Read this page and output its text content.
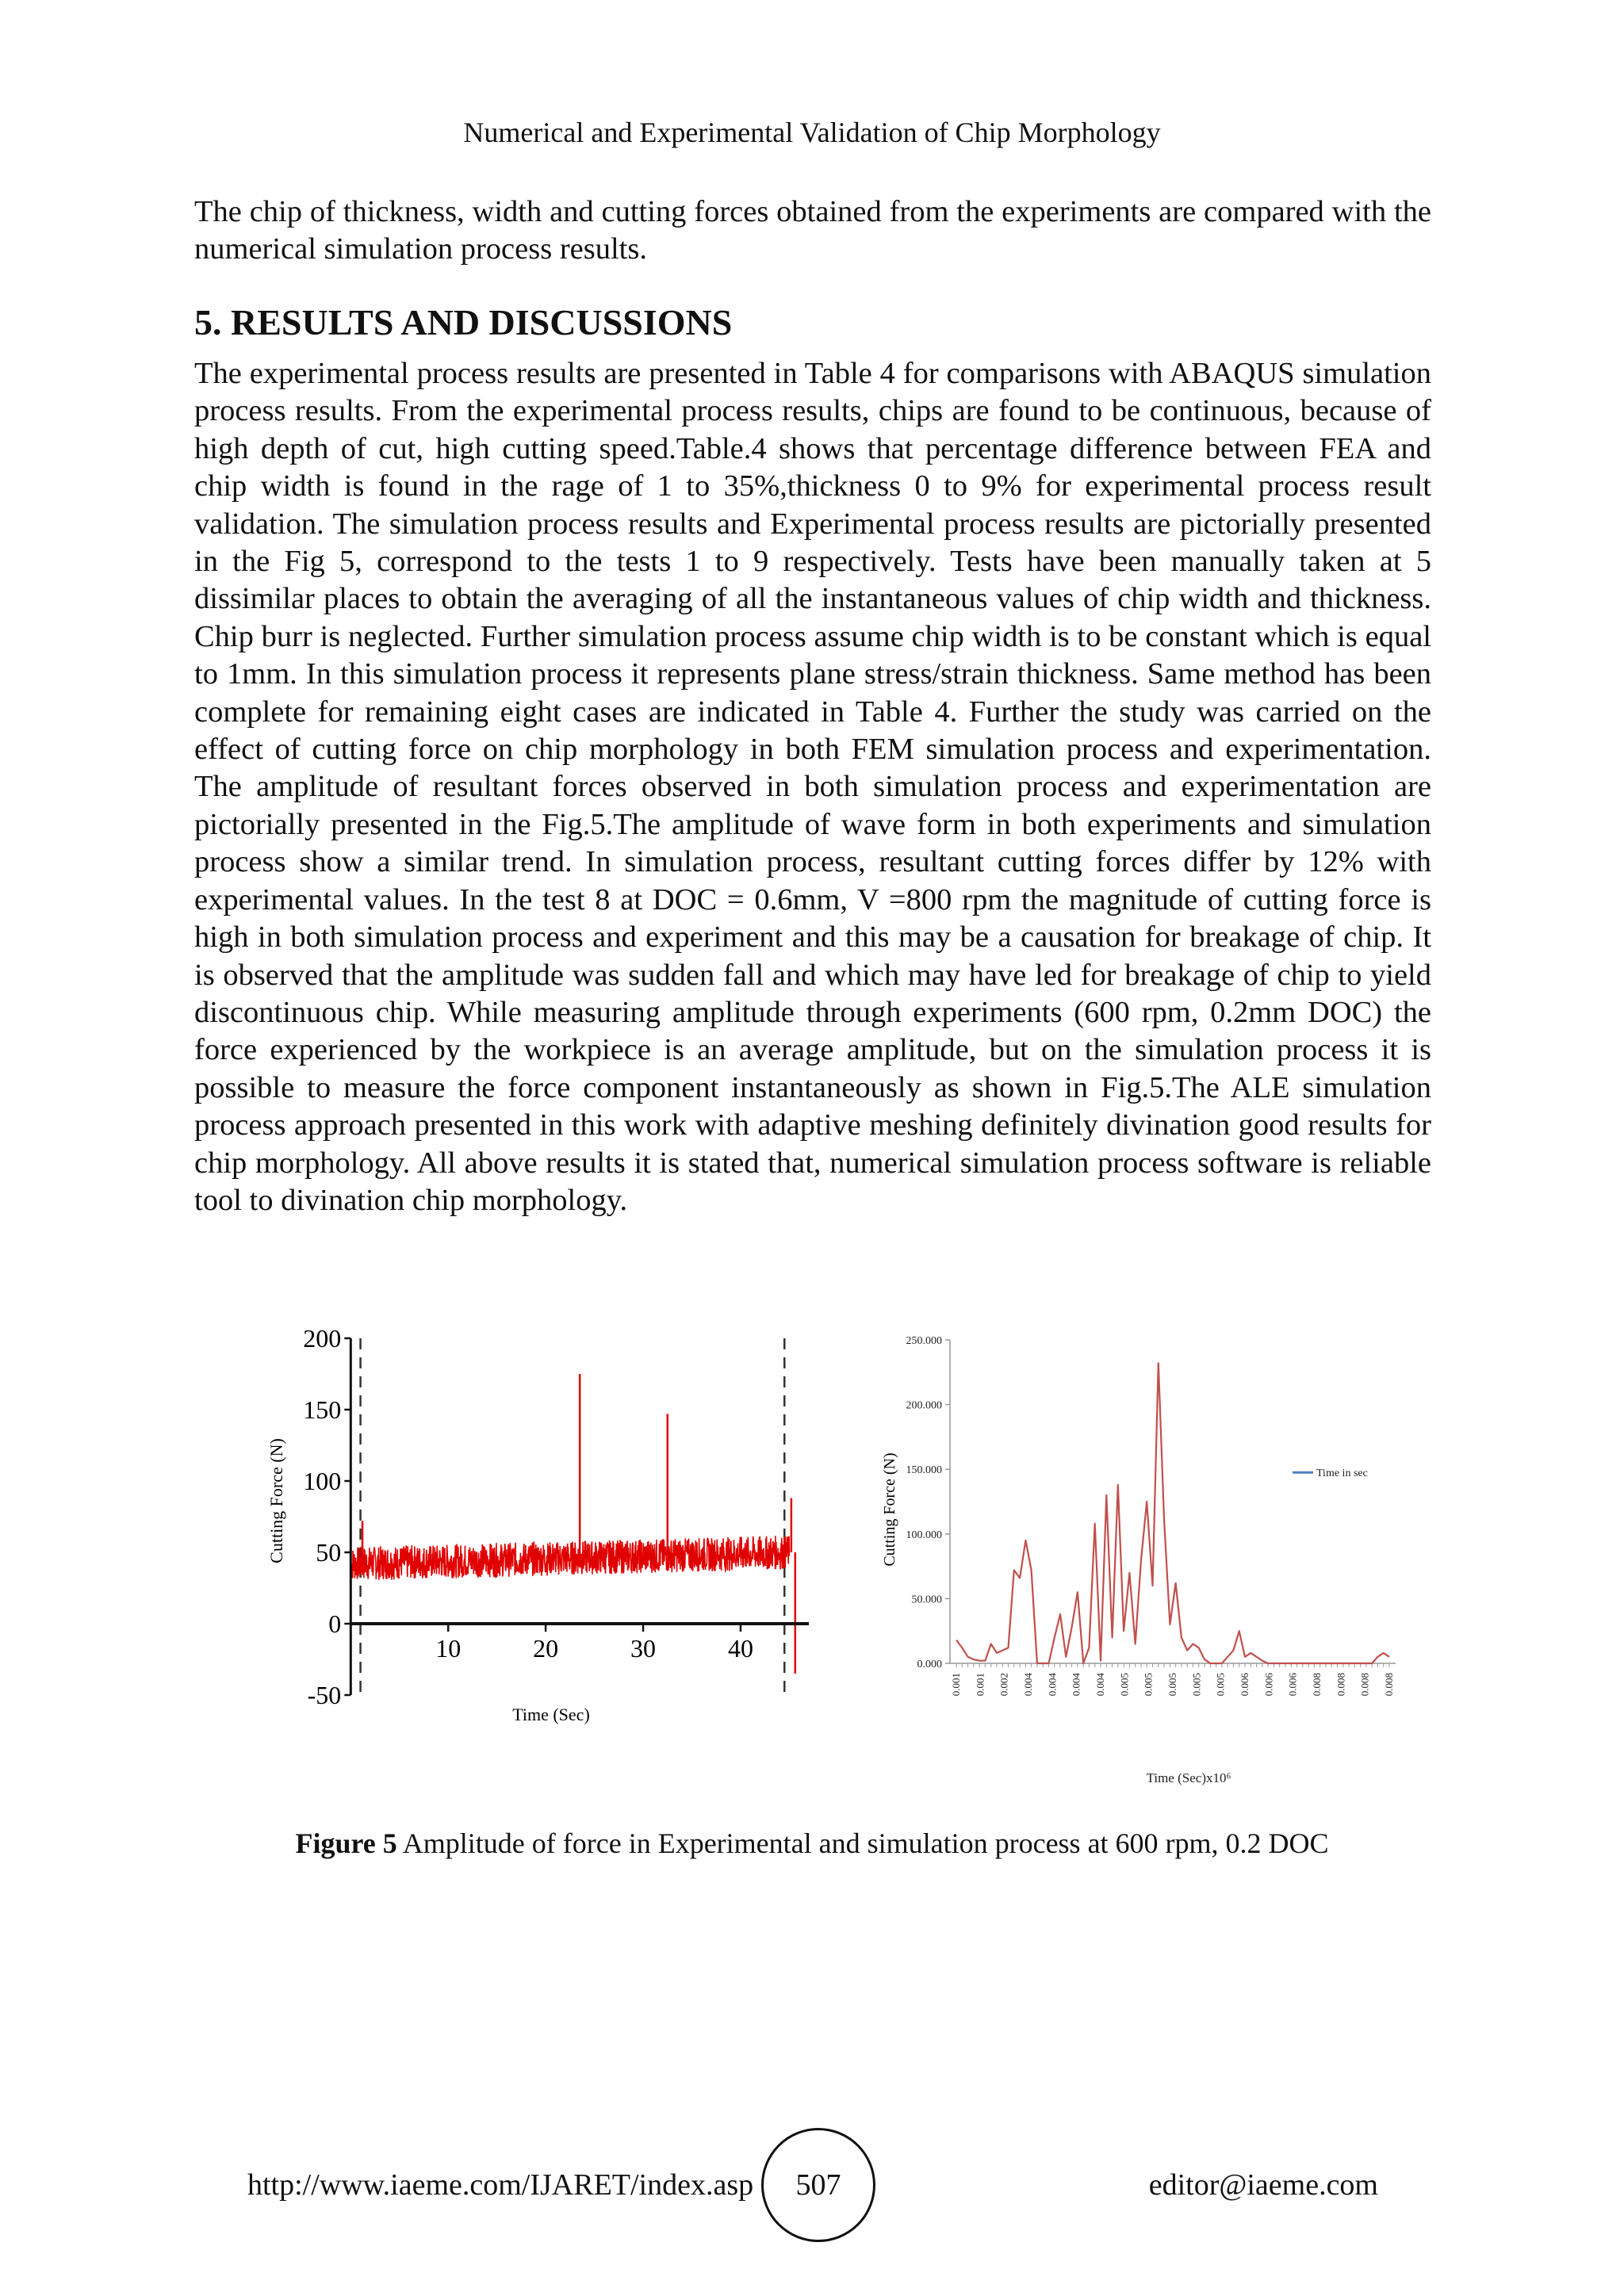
Numerical and Experimental Validation of Chip Morphology

The chip of thickness, width and cutting forces obtained from the experiments are compared with the numerical simulation process results.

5. RESULTS AND DISCUSSIONS

The experimental process results are presented in Table 4 for comparisons with ABAQUS simulation process results. From the experimental process results, chips are found to be continuous, because of high depth of cut, high cutting speed.Table.4 shows that percentage difference between FEA and chip width is found in the rage of 1 to 35%,thickness 0 to 9% for experimental process result validation. The simulation process results and Experimental process results are pictorially presented in the Fig 5, correspond to the tests 1 to 9 respectively. Tests have been manually taken at 5 dissimilar places to obtain the averaging of all the instantaneous values of chip width and thickness. Chip burr is neglected. Further simulation process assume chip width is to be constant which is equal to 1mm. In this simulation process it represents plane stress/strain thickness. Same method has been complete for remaining eight cases are indicated in Table 4. Further the study was carried on the effect of cutting force on chip morphology in both FEM simulation process and experimentation. The amplitude of resultant forces observed in both simulation process and experimentation are pictorially presented in the Fig.5.The amplitude of wave form in both experiments and simulation process show a similar trend. In simulation process, resultant cutting forces differ by 12% with experimental values. In the test 8 at DOC = 0.6mm, V =800 rpm the magnitude of cutting force is high in both simulation process and experiment and this may be a causation for breakage of chip. It is observed that the amplitude was sudden fall and which may have led for breakage of chip to yield discontinuous chip. While measuring amplitude through experiments (600 rpm, 0.2mm DOC) the force experienced by the workpiece is an average amplitude, but on the simulation process it is possible to measure the force component instantaneously as shown in Fig.5.The ALE simulation process approach presented in this work with adaptive meshing definitely divination good results for chip morphology. All above results it is stated that, numerical simulation process software is reliable tool to divination chip morphology.

-50
0
50
100
150
200
10	20	30	40
Time (Sec)
Cutting Force (N)
0.000
50.000
100.000
150.000
200.000
250.000
0.001 0.001 0.002 0.004 0.004 0.004 0.004 0.005 0.005 0.005 0.005 0.005 0.006 0.006 0.006 0.008 0.008 0.008 0.008
Time in sec
Time (Sec)x10⁶
Cutting Force (N)
Figure 5 Amplitude of force in Experimental and simulation process at 600 rpm, 0.2 DOC
http://www.iaeme.com/IJARET/index.asp 507	editor@iaeme.com
